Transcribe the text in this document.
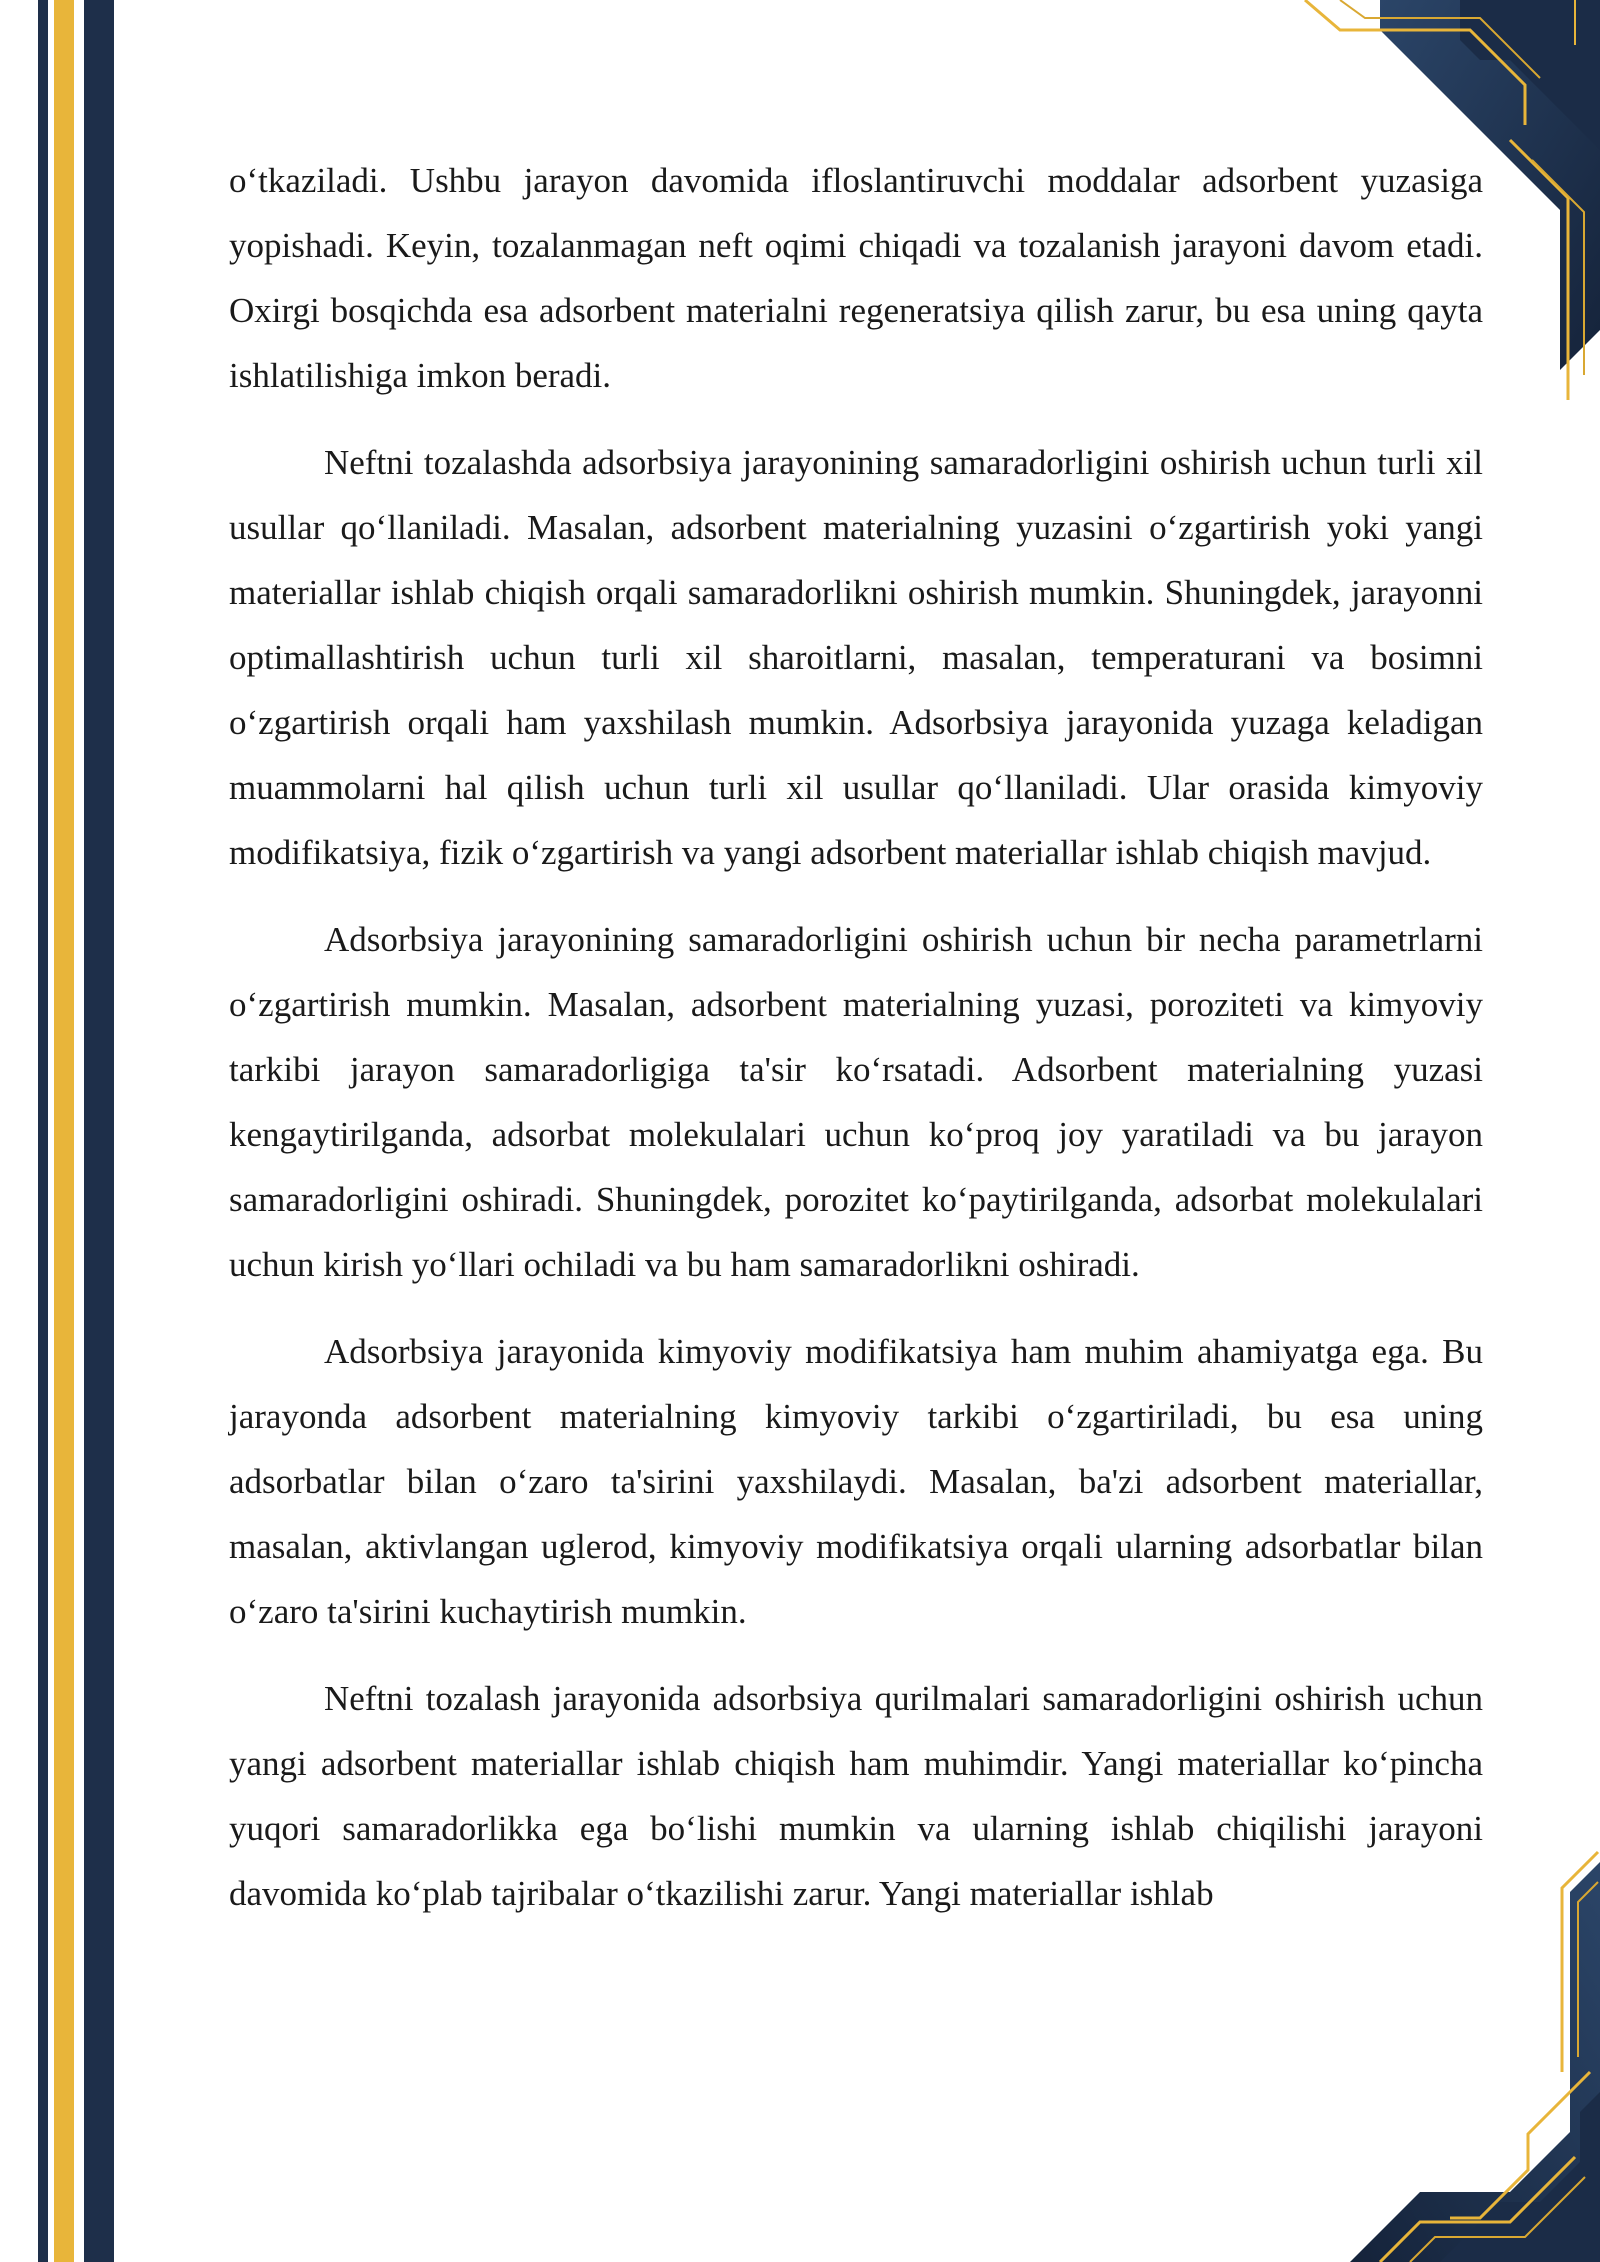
o‘tkaziladi. Ushbu jarayon davomida ifloslantiruvchi moddalar adsorbent yuzasiga yopishadi. Keyin, tozalanmagan neft oqimi chiqadi va tozalanish jarayoni davom etadi. Oxirgi bosqichda esa adsorbent materialni regeneratsiya qilish zarur, bu esa uning qayta ishlatilishiga imkon beradi.

Neftni tozalashda adsorbsiya jarayonining samaradorligini oshirish uchun turli xil usullar qo‘llaniladi. Masalan, adsorbent materialning yuzasini o‘zgartirish yoki yangi materiallar ishlab chiqish orqali samaradorlikni oshirish mumkin. Shuningdek, jarayonni optimallashtirish uchun turli xil sharoitlarni, masalan, temperaturani va bosimni o‘zgartirish orqali ham yaxshilash mumkin. Adsorbsiya jarayonida yuzaga keladigan muammolarni hal qilish uchun turli xil usullar qo‘llaniladi. Ular orasida kimyoviy modifikatsiya, fizik o‘zgartirish va yangi adsorbent materiallar ishlab chiqish mavjud.

Adsorbsiya jarayonining samaradorligini oshirish uchun bir necha parametrlarni o‘zgartirish mumkin. Masalan, adsorbent materialning yuzasi, poroziteti va kimyoviy tarkibi jarayon samaradorligiga ta'sir ko‘rsatadi. Adsorbent materialning yuzasi kengaytirilganda, adsorbat molekulalari uchun ko‘proq joy yaratiladi va bu jarayon samaradorligini oshiradi. Shuningdek, porozitet ko‘paytirilganda, adsorbat molekulalari uchun kirish yo‘llari ochiladi va bu ham samaradorlikni oshiradi.

Adsorbsiya jarayonida kimyoviy modifikatsiya ham muhim ahamiyatga ega. Bu jarayonda adsorbent materialning kimyoviy tarkibi o‘zgartiriladi, bu esa uning adsorbatlar bilan o‘zaro ta'sirini yaxshilaydi. Masalan, ba'zi adsorbent materiallar, masalan, aktivlangan uglerod, kimyoviy modifikatsiya orqali ularning adsorbatlar bilan o‘zaro ta'sirini kuchaytirish mumkin.

Neftni tozalash jarayonida adsorbsiya qurilmalari samaradorligini oshirish uchun yangi adsorbent materiallar ishlab chiqish ham muhimdir. Yangi materiallar ko‘pincha yuqori samaradorlikka ega bo‘lishi mumkin va ularning ishlab chiqilishi jarayoni davomida ko‘plab tajribalar o‘tkazilishi zarur. Yangi materiallar ishlab
